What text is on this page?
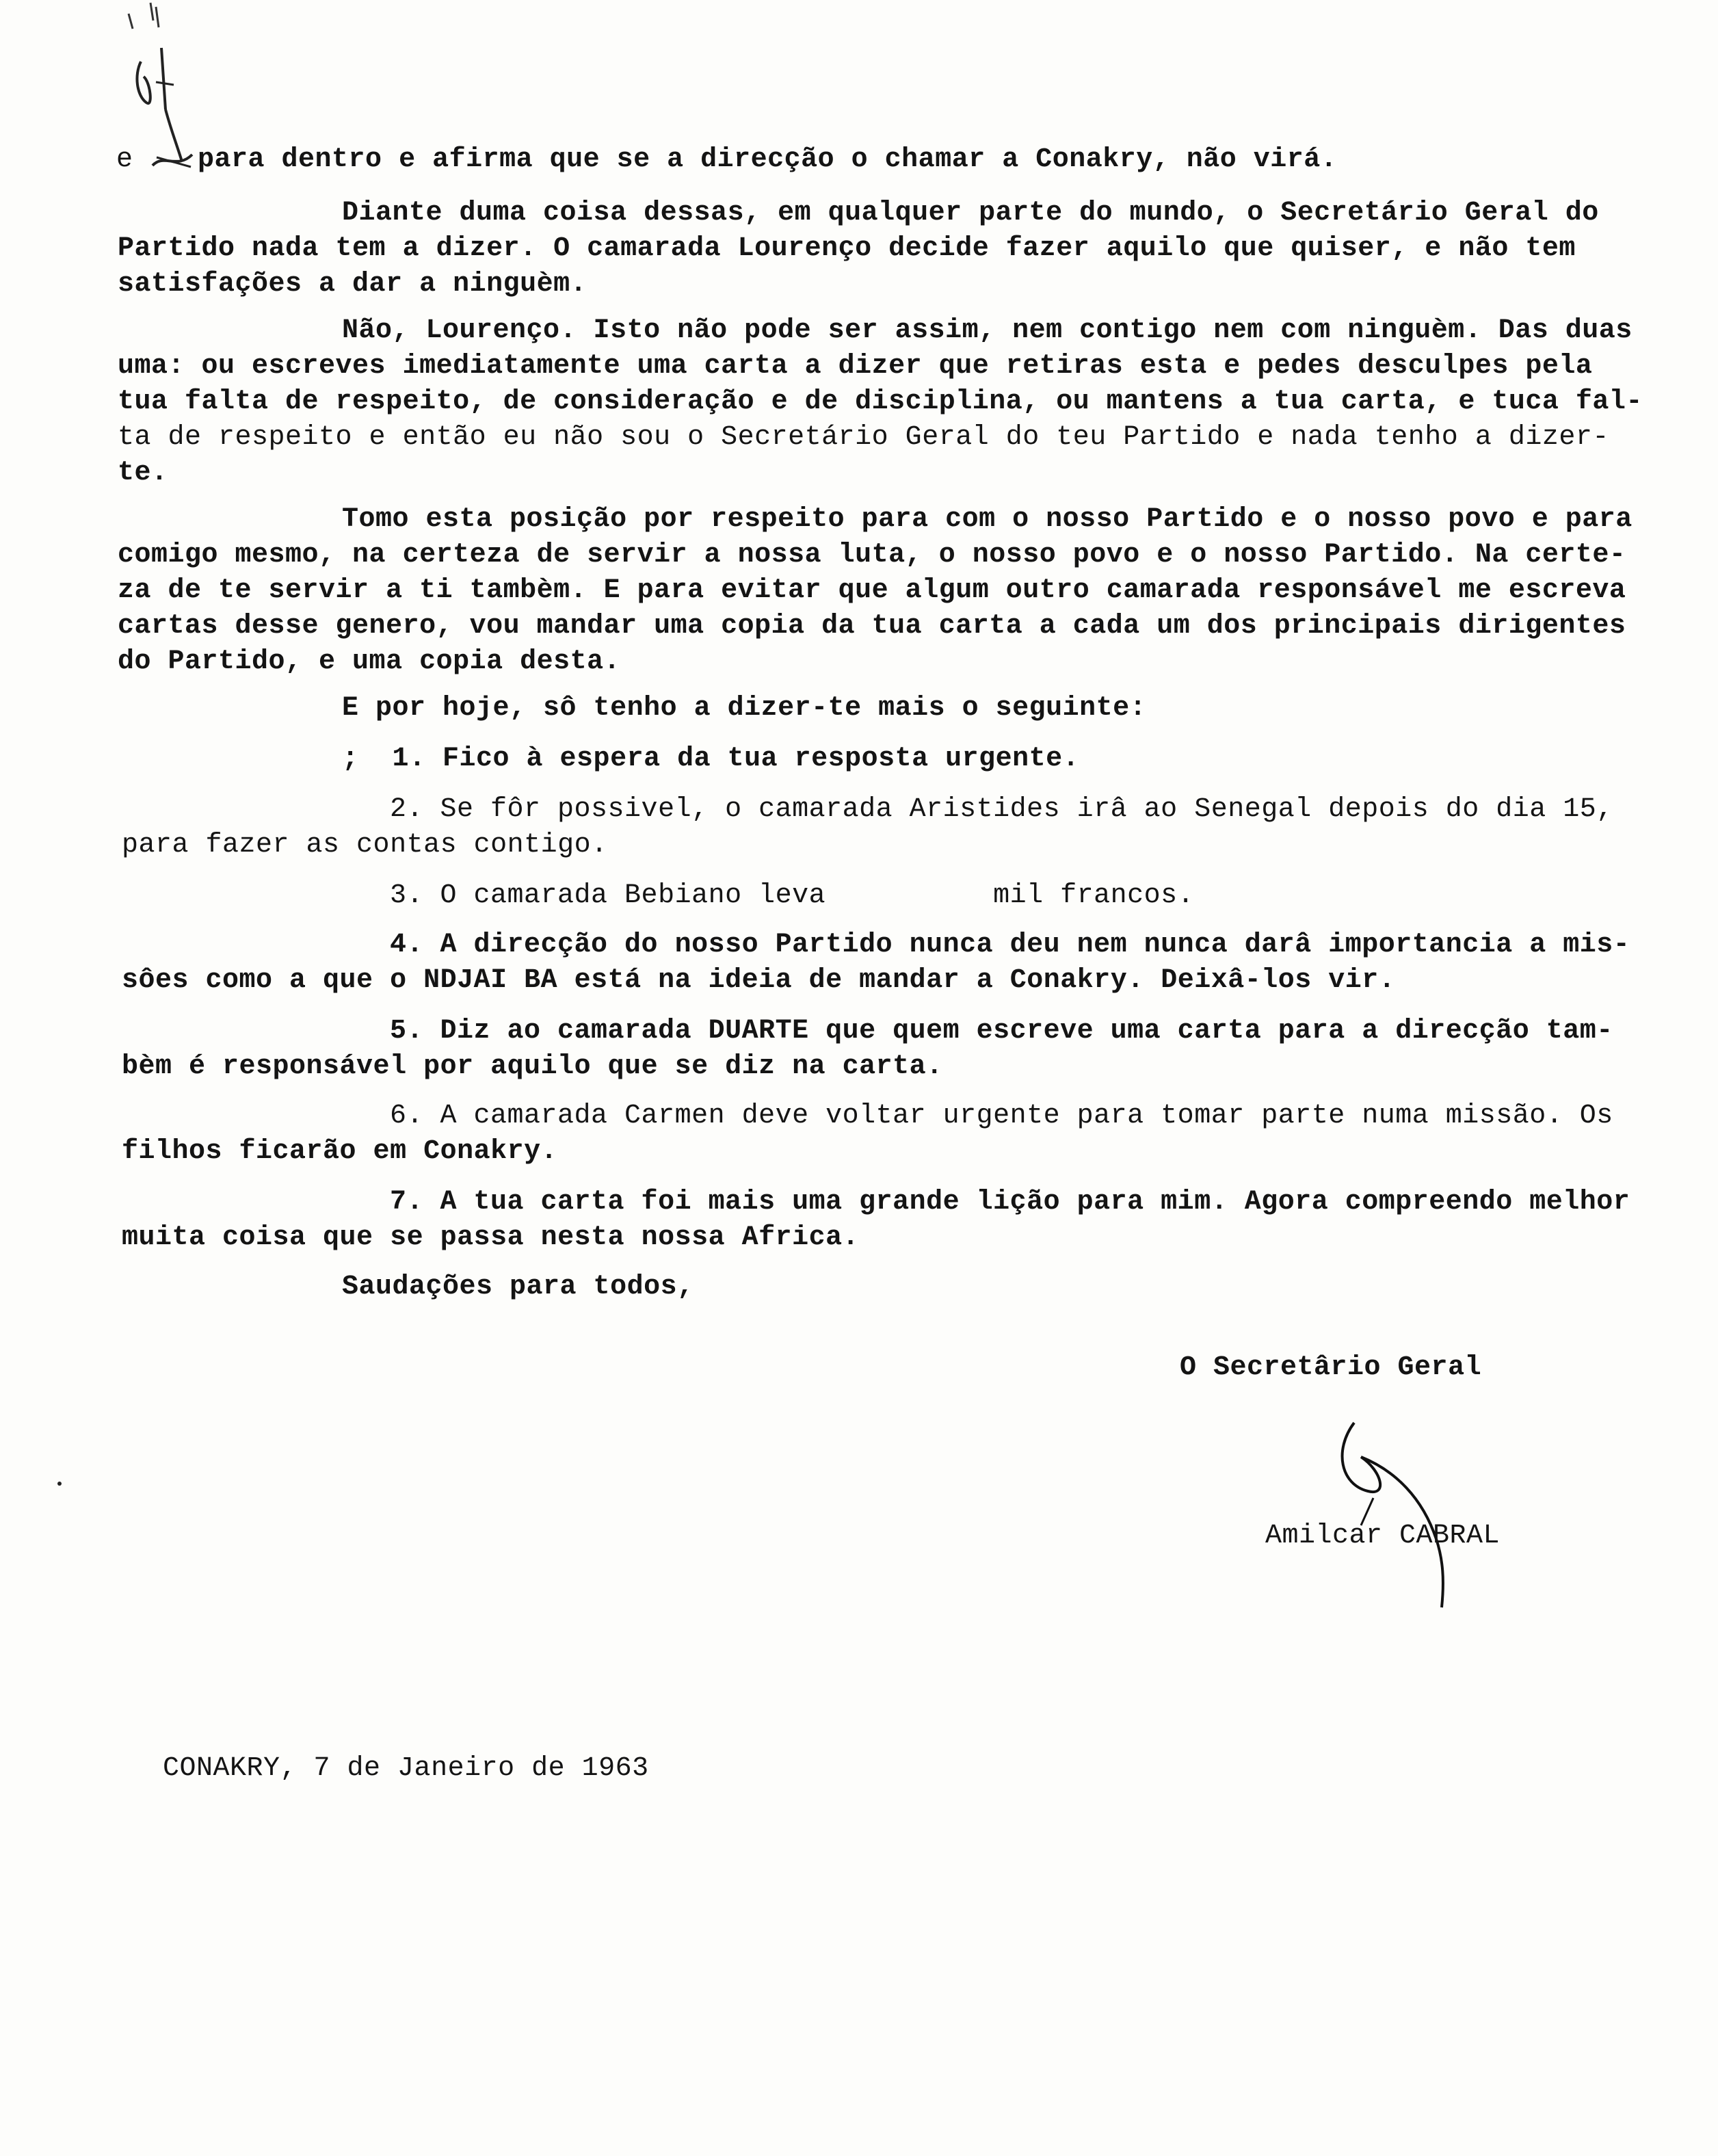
e para dentro e afirma que se a direcção o chamar a Conakry, não virá.
Diante duma coisa dessas, em qualquer parte do mundo, o Secretário Geral do
Partido nada tem a dizer. O camarada Lourenço decide fazer aquilo que quiser, e não tem
satisfações a dar a ninguèm.
Não, Lourenço. Isto não pode ser assim, nem contigo nem com ninguèm. Das duas
uma: ou escreves imediatamente uma carta a dizer que retiras esta e pedes desculpes pela
tua falta de respeito, de consideração e de disciplina, ou mantens a tua carta, e tuca fal-
ta de respeito e então eu não sou o Secretário Geral do teu Partido e nada tenho a dizer-
te.
Tomo esta posição por respeito para com o nosso Partido e o nosso povo e para
comigo mesmo, na certeza de servir a nossa luta, o nosso povo e o nosso Partido. Na certe-
za de te servir a ti tambèm. E para evitar que algum outro camarada responsável me escreva
cartas desse genero, vou mandar uma copia da tua carta a cada um dos principais dirigentes
do Partido, e uma copia desta.
E por hoje, sô tenho a dizer-te mais o seguinte:
;  1. Fico à espera da tua resposta urgente.
2. Se fôr possivel, o camarada Aristides irâ ao Senegal depois do dia 15,
para fazer as contas contigo.
3. O camarada Bebiano leva          mil francos.
4. A direcção do nosso Partido nunca deu nem nunca darâ importancia a mis-
sôes como a que o NDJAI BA está na ideia de mandar a Conakry. Deixâ-los vir.
5. Diz ao camarada DUARTE que quem escreve uma carta para a direcção tam-
bèm é responsável por aquilo que se diz na carta.
6. A camarada Carmen deve voltar urgente para tomar parte numa missão. Os
filhos ficarão em Conakry.
7. A tua carta foi mais uma grande lição para mim. Agora compreendo melhor
muita coisa que se passa nesta nossa Africa.
Saudações para todos,
O Secretârio Geral
Amilcar CABRAL
CONAKRY, 7 de Janeiro de 1963
